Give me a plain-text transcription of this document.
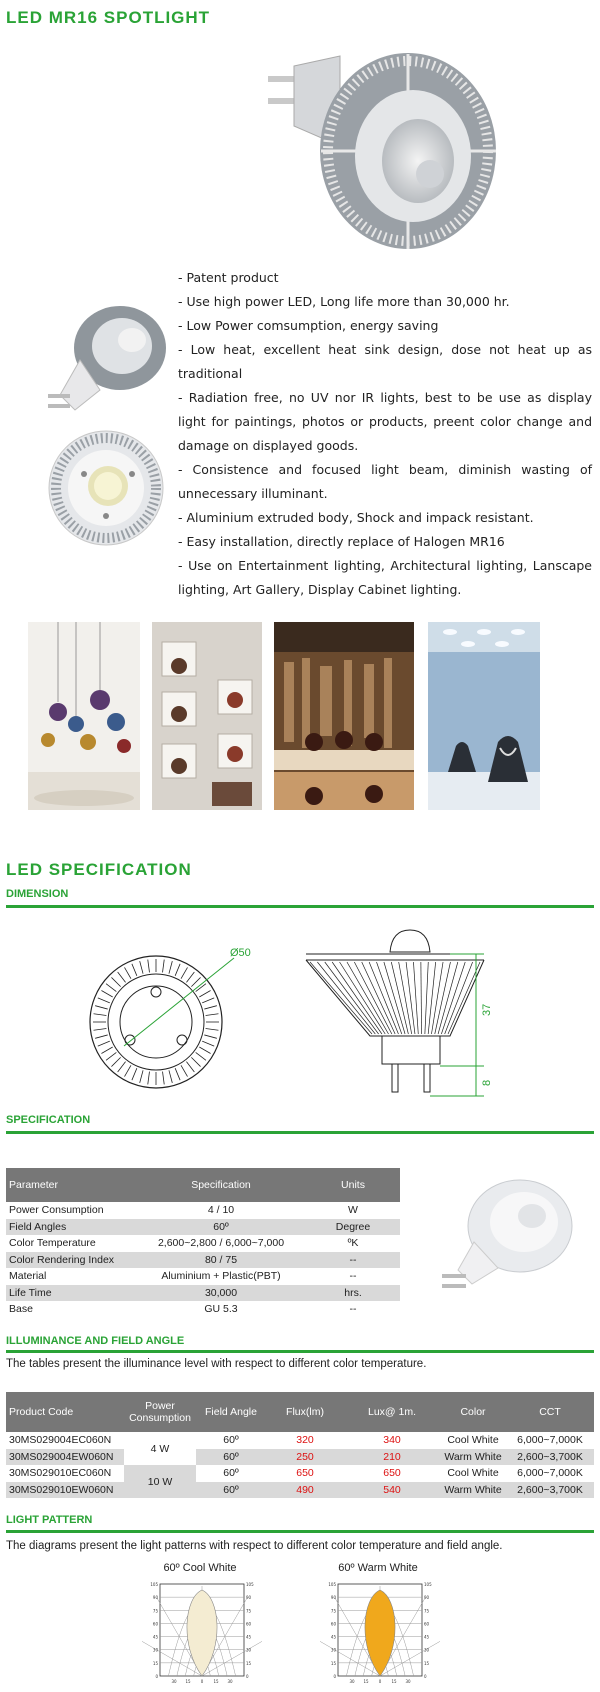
LED MR16 SPOTLIGHT

- Patent product

- Use high power LED, Long life more than 30,000 hr.

- Low Power comsumption, energy saving

- Low heat, excellent heat sink design, dose not heat up as traditional

- Radiation free, no UV nor IR lights, best to be use as display light for paintings, photos or products, preent color change and damage on displayed goods.

- Consistence and focused light beam, diminish wasting of unnecessary illuminant.

- Aluminium extruded body, Shock and impack resistant.

- Easy installation, directly replace of Halogen MR16

- Use on Entertainment lighting, Architectural lighting, Lanscape lighting, Art Gallery, Display Cabinet lighting.

LED SPECIFICATION
DIMENSION
Ø50
37
8
SPECIFICATION
Parameter	Specification	Units
Power Consumption	4 / 10	W
Field Angles	60º	Degree
Color Temperature	2,600~2,800 / 6,000~7,000	ºK
Color Rendering Index	80 / 75	--
Material	Aluminium + Plastic(PBT)	--
Life Time	30,000	hrs.
Base	GU 5.3	--
ILLUMINANCE AND FIELD ANGLE
The tables present the illuminance level with respect to different color temperature.
Product Code	Power Consumption	Field Angle	Flux(lm)	Lux@ 1m.	Color	CCT
30MS029004EC060N	4 W	60º	320	340	Cool White	6,000~7,000K
30MS029004EW060N		60º	250	210	Warm White	2,600~3,700K
30MS029010EC060N	10 W	60º	650	650	Cool White	6,000~7,000K
30MS029010EW060N		60º	490	540	Warm White	2,600~3,700K
LIGHT PATTERN
The diagrams present the light patterns with respect to different color temperature and field angle.
60º Cool White	60º Warm White
105	105
90	90
75	75
60	60
45	45
30	30
15	15
0	0
30 15	0	15 30
105	105
90	90
75	75
60	60
45	45
30	30
15	15
0	0
30 15	0	15 30
